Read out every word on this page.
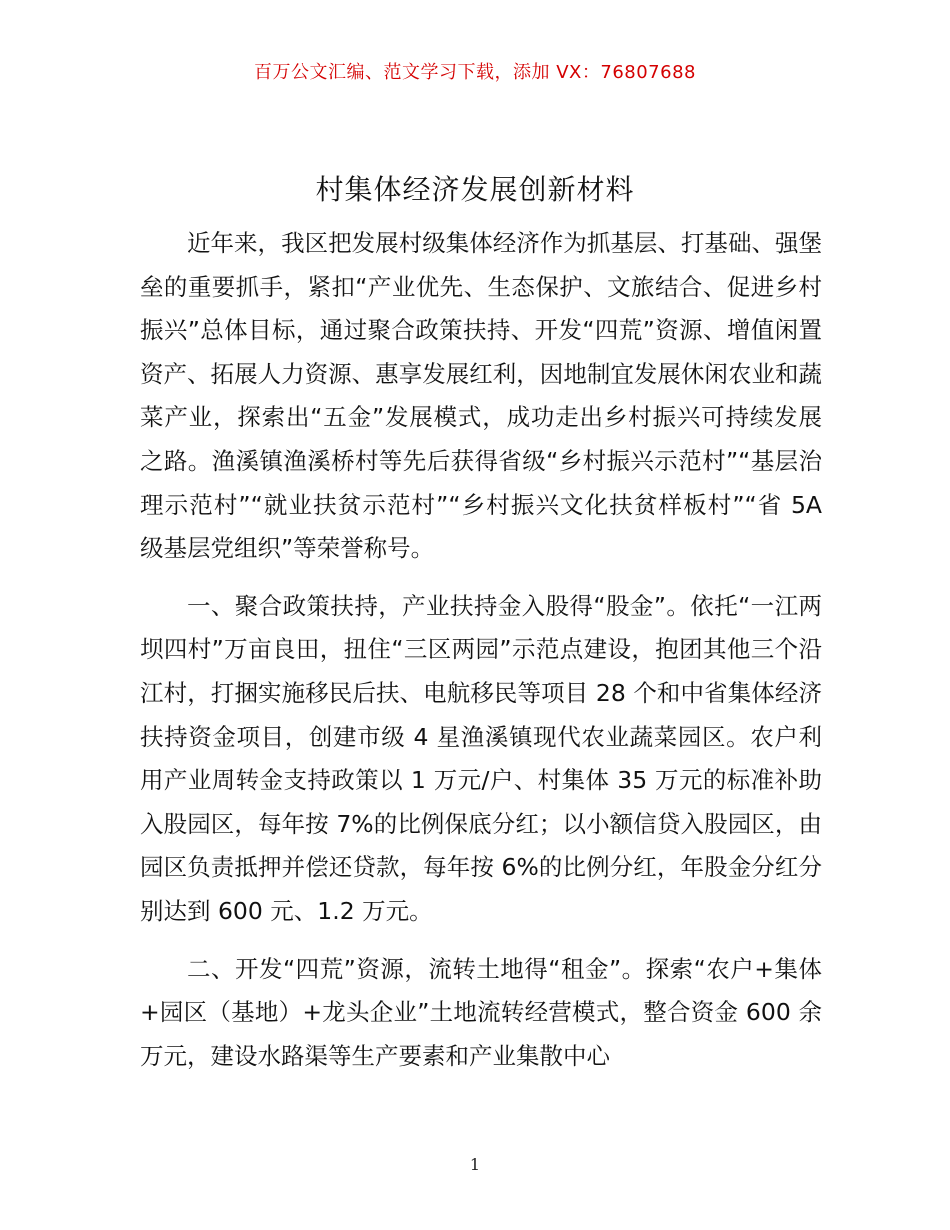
百万公文汇编、范文学习下载，添加 VX：76807688
村集体经济发展创新材料

近年来，我区把发展村级集体经济作为抓基层、打基础、强堡垒的重要抓手，紧扣“产业优先、生态保护、文旅结合、促进乡村振兴”总体目标，通过聚合政策扶持、开发“四荒”资源、增值闲置资产、拓展人力资源、惠享发展红利，因地制宜发展休闲农业和蔬菜产业，探索出“五金”发展模式，成功走出乡村振兴可持续发展之路。渔溪镇渔溪桥村等先后获得省级“乡村振兴示范村”“基层治理示范村”“就业扶贫示范村”“乡村振兴文化扶贫样板村”“省 5A 级基层党组织”等荣誉称号。

一、聚合政策扶持，产业扶持金入股得“股金”。依托“一江两坝四村”万亩良田，扭住“三区两园”示范点建设，抱团其他三个沿江村，打捆实施移民后扶、电航移民等项目 28 个和中省集体经济扶持资金项目，创建市级 4 星渔溪镇现代农业蔬菜园区。农户利用产业周转金支持政策以 1 万元/户、村集体 35 万元的标准补助入股园区，每年按 7%的比例保底分红；以小额信贷入股园区，由园区负责抵押并偿还贷款，每年按 6%的比例分红，年股金分红分别达到 600 元、1.2 万元。

二、开发“四荒”资源，流转土地得“租金”。探索“农户+集体+园区（基地）+龙头企业”土地流转经营模式，整合资金 600 余万元，建设水路渠等生产要素和产业集散中心

1
